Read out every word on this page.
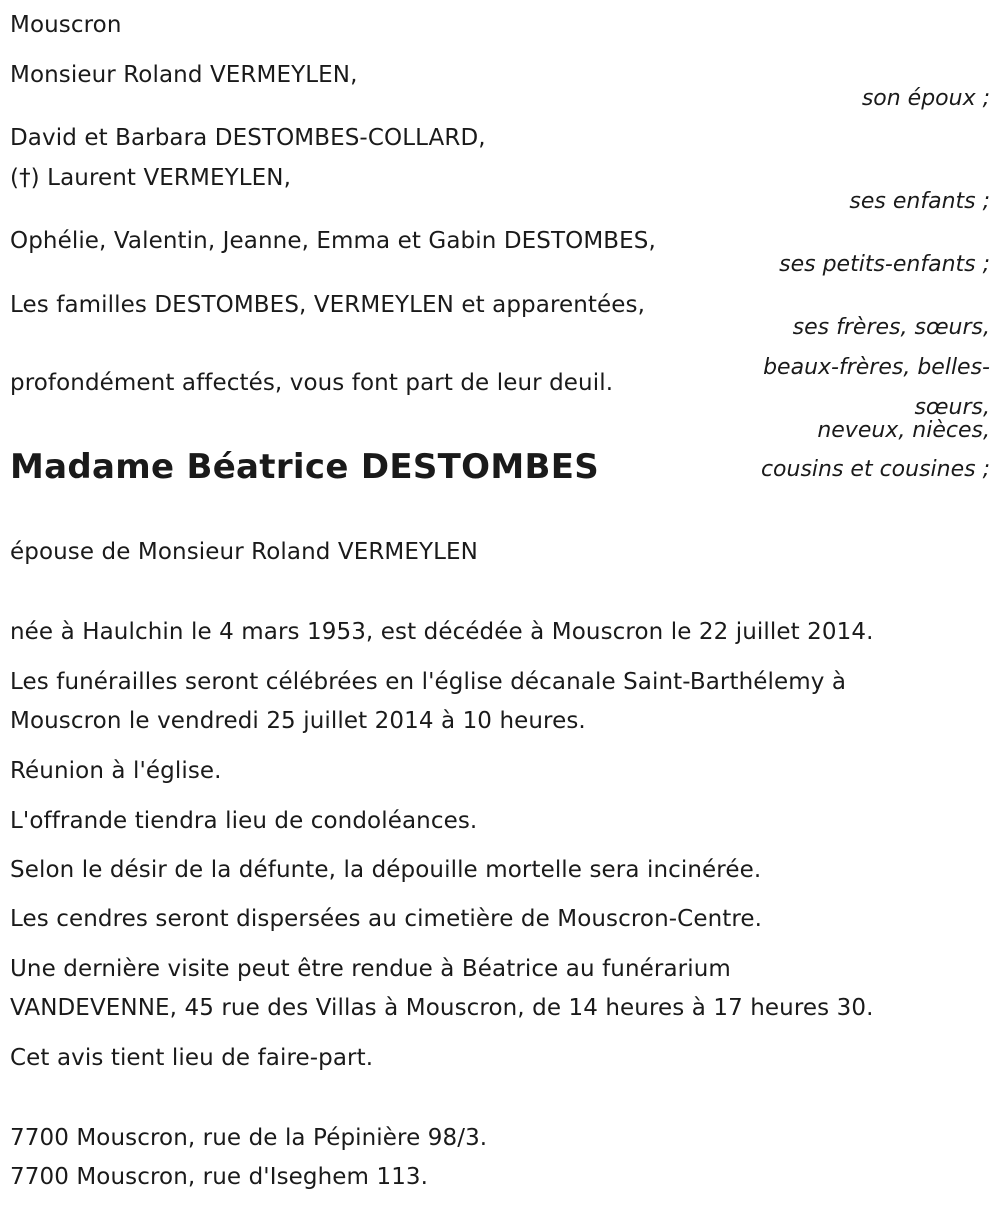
Mouscron
Monsieur Roland VERMEYLEN,
son époux ;
David et Barbara DESTOMBES-COLLARD,
(†) Laurent VERMEYLEN,
ses enfants ;
Ophélie, Valentin, Jeanne, Emma et Gabin DESTOMBES,
ses petits-enfants ;
Les familles DESTOMBES, VERMEYLEN et apparentées,
ses frères, sœurs, beaux-frères, belles-sœurs,
profondément affectés, vous font part de leur deuil.
neveux, nièces, cousins et cousines ;
Madame Béatrice DESTOMBES
épouse de Monsieur Roland VERMEYLEN
née à Haulchin le 4 mars 1953, est décédée à Mouscron le 22 juillet 2014.
Les funérailles seront célébrées en l'église décanale Saint-Barthélemy à
Mouscron le vendredi 25 juillet 2014 à 10 heures.
Réunion à l'église.
L'offrande tiendra lieu de condoléances.
Selon le désir de la défunte, la dépouille mortelle sera incinérée.
Les cendres seront dispersées au cimetière de Mouscron-Centre.
Une dernière visite peut être rendue à Béatrice au funérarium
VANDEVENNE, 45 rue des Villas à Mouscron, de 14 heures à 17 heures 30.
Cet avis tient lieu de faire-part.
7700 Mouscron, rue de la Pépinière 98/3.
7700 Mouscron, rue d'Iseghem 113.
